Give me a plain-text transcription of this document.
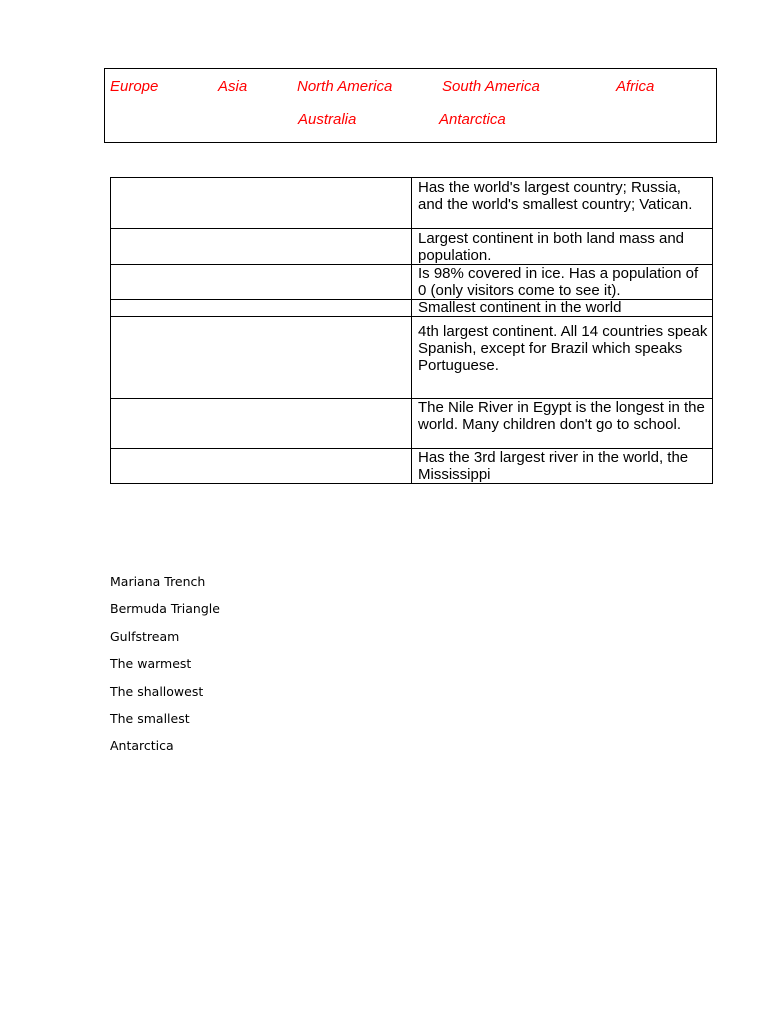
Europe	Asia	North America	South America	Africa
Australia	Antarctica
	Has the world's largest country; Russia, and the world's smallest country; Vatican.
	Largest continent in both land mass and population.
	Is 98% covered in ice. Has a population of 0 (only visitors come to see it).
	Smallest continent in the world
	4th largest continent. All 14 countries speak Spanish, except for Brazil which speaks Portuguese.
	The Nile River in Egypt is the longest in the world. Many children don't go to school.
	Has the 3rd largest river in the world, the Mississippi
Mariana Trench
Bermuda Triangle
Gulfstream
The warmest
The shallowest
The smallest
Antarctica
